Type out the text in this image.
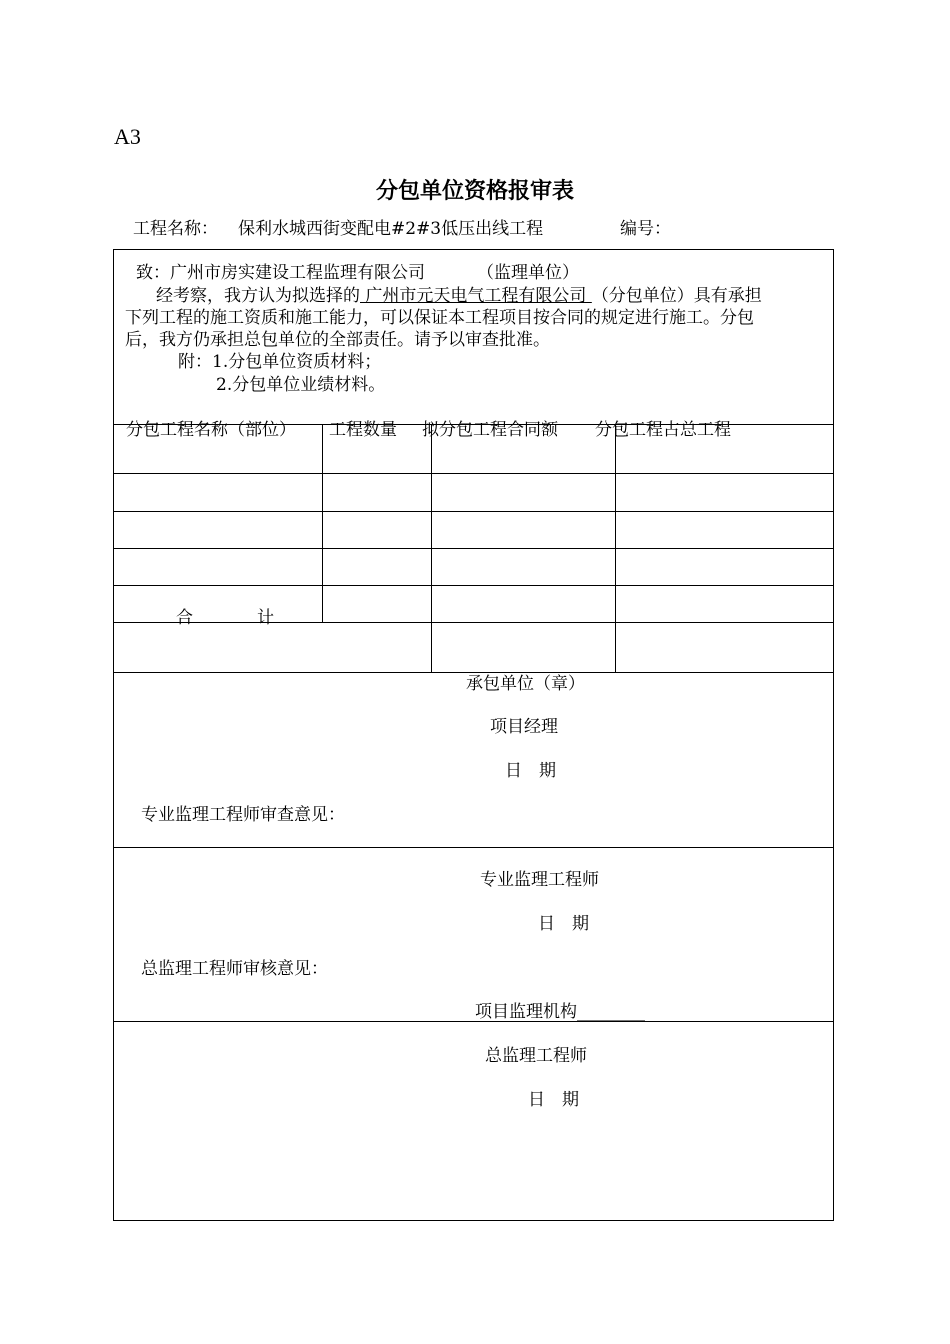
A3
分包单位资格报审表
工程名称： 保利水城西街变配电#2#3低压出线工程	编号：
致：广州市房实建设工程监理有限公司	（监理单位）
经考察，我方认为拟选择的 广州市元天电气工程有限公司 （分包单位）具有承担
下列工程的施工资质和施工能力，可以保证本工程项目按合同的规定进行施工。分包
后，我方仍承担总包单位的全部责任。请予以审查批准。
附：1.分包单位资质材料；
2.分包单位业绩材料。
分包工程名称（部位） 工程数量 拟分包工程合同额 分包工程占总工程
合	计
承包单位（章）
项目经理
日　期
专业监理工程师审查意见：
专业监理工程师
日　期
总监理工程师审核意见：
项目监理机构________
总监理工程师
日　期
